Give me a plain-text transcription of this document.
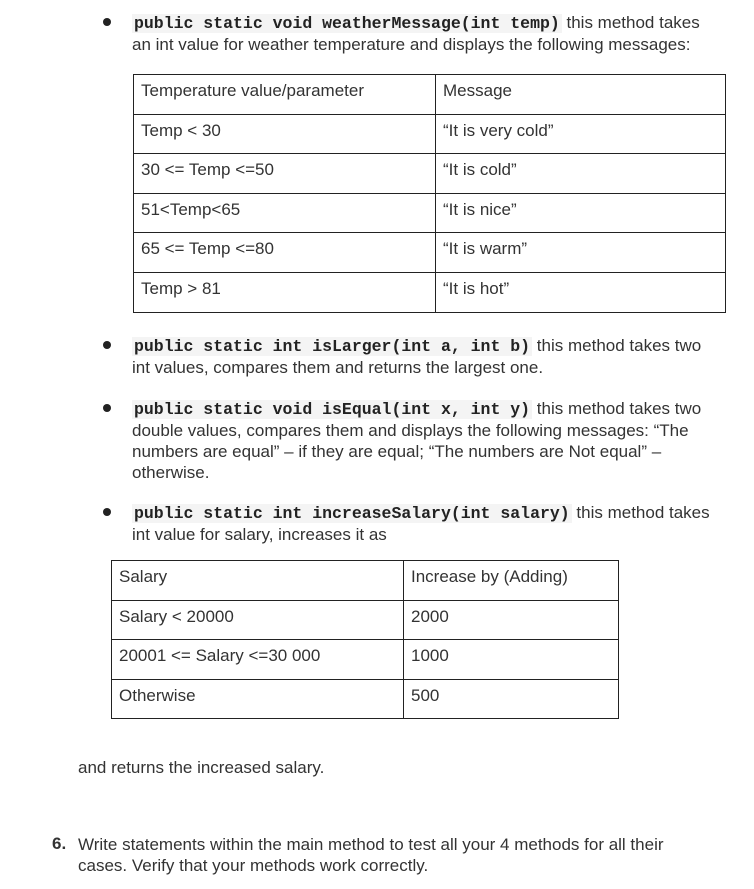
public static void weatherMessage(int temp) this method takes
an int value for weather temperature and displays the following messages:
Temperature value/parameter	Message
Temp < 30	“It is very cold”
30 <= Temp <=50	“It is cold”
51<Temp<65	“It is nice”
65 <= Temp <=80	“It is warm”
Temp > 81	“It is hot”
public static int isLarger(int a, int b) this method takes two
int values, compares them and returns the largest one.
public static void isEqual(int x, int y) this method takes two
double values, compares them and displays the following messages: “The
numbers are equal” – if they are equal; “The numbers are Not equal” –
otherwise.
public static int increaseSalary(int salary) this method takes
int value for salary, increases it as
Salary	Increase by (Adding)
Salary < 20000	2000
20001 <= Salary <=30 000	1000
Otherwise	500
and returns the increased salary.
6. Write statements within the main method to test all your 4 methods for all their
cases. Verify that your methods work correctly.
